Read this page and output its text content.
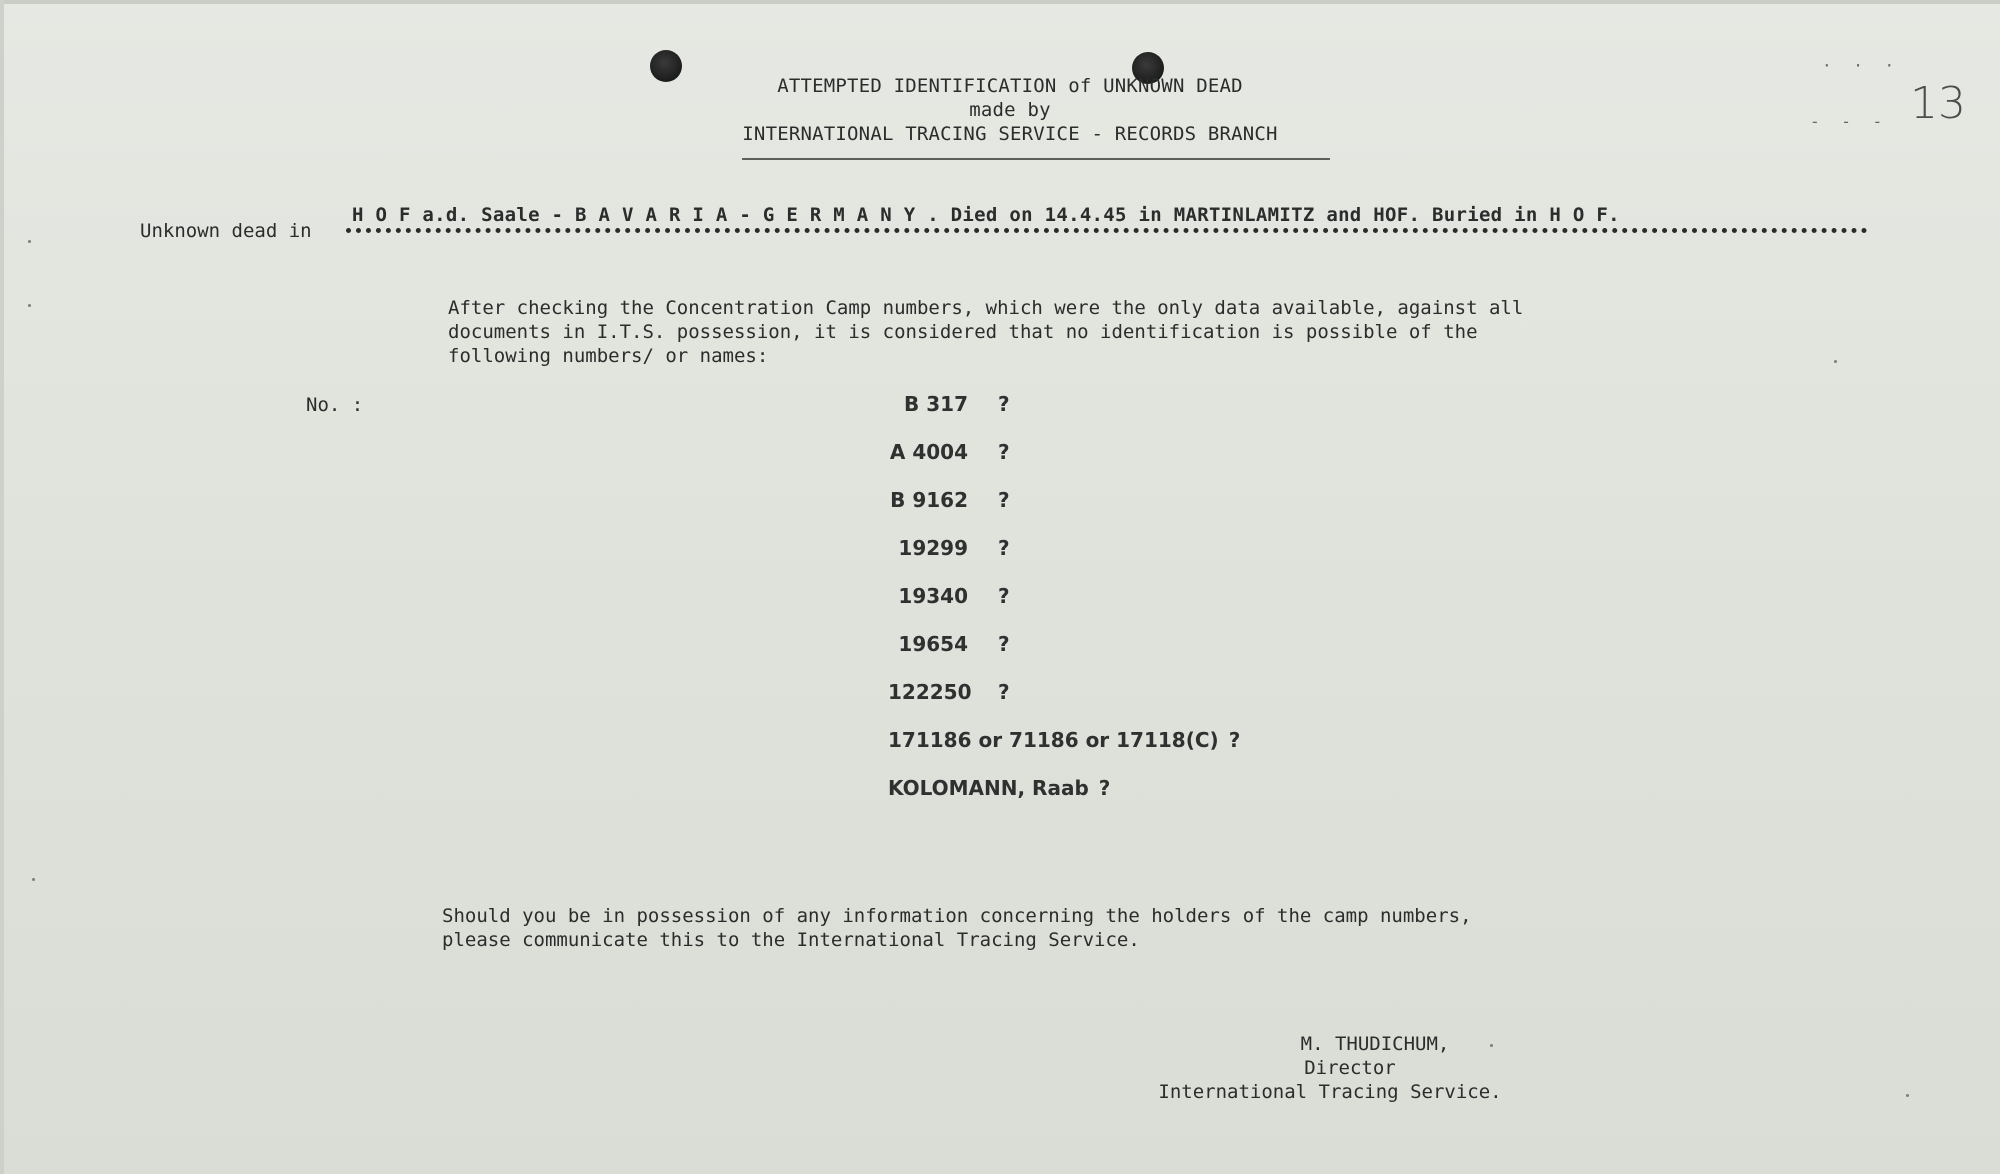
ATTEMPTED IDENTIFICATION of UNKNOWN DEAD
made by
INTERNATIONAL TRACING SERVICE - RECORDS BRANCH
· · ·
- - - 13
Unknown dead in
H O F a.d. Saale - B A V A R I A - G E R M A N Y . Died on 14.4.45 in MARTINLAMITZ and HOF. Buried in H O F.
After checking the Concentration Camp numbers, which were the only data available, against all
documents in I.T.S. possession, it is considered that no identification is possible of the
following numbers/ or names:
No. :	B 317 ?
A 4004 ?
B 9162 ?
19299 ?
19340 ?
19654 ?
122250 ?
171186 or 71186 or 17118(C) ?
KOLOMANN, Raab ?
Should you be in possession of any information concerning the holders of the camp numbers,
please communicate this to the International Tracing Service.
M. THUDICHUM,
Director
International Tracing Service.
